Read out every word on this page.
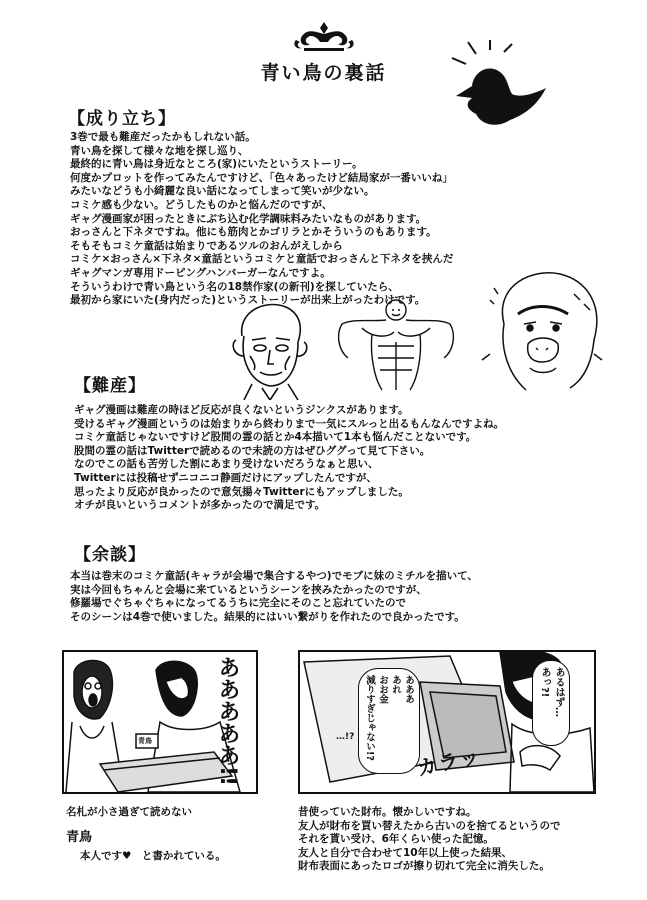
青い鳥の裏話
【成り立ち】
3巻で最も難産だったかもしれない話。
青い鳥を探して様々な地を探し巡り、
最終的に青い鳥は身近なところ(家)にいたというストーリー。
何度かプロットを作ってみたんですけど、「色々あったけど結局家が一番いいね」
みたいなどうも小綺麗な良い話になってしまって笑いが少ない。
コミケ感も少ない。どうしたものかと悩んだのですが、
ギャグ漫画家が困ったときにぶち込む化学調味料みたいなものがあります。
おっさんと下ネタですね。他にも筋肉とかゴリラとかそういうのもあります。
そもそもコミケ童話は始まりであるツルのおんがえしから
コミケ×おっさん×下ネタ×童話というコミケと童話でおっさんと下ネタを挟んだ
ギャグマンガ専用ドーピングハンバーガーなんですよ。
そういうわけで青い鳥という名の18禁作家(の新刊)を探していたら、
最初から家にいた(身内だった)というストーリーが出来上がったわけです。
【難産】
ギャグ漫画は難産の時ほど反応が良くないというジンクスがあります。
受けるギャグ漫画というのは始まりから終わりまで一気にスルっと出るもんなんですよね。
コミケ童話じゃないですけど股間の霊の話とか4本描いて1本も悩んだことないです。
股間の霊の話はTwitterで読めるので未読の方はぜひググって見て下さい。
なのでこの話も苦労した割にあまり受けないだろうなぁと思い、
Twitterには投稿せずニコニコ静画だけにアップしたんですが、
思ったより反応が良かったので意気揚々Twitterにもアップしました。
オチが良いというコメントが多かったので満足です。
【余談】
本当は巻末のコミケ童話(キャラが会場で集合するやつ)でモブに妹のミチルを描いて、
実は今回もちゃんと会場に来ているというシーンを挟みたかったのですが、
修羅場でぐちゃぐちゃになってるうちに完全にそのこと忘れていたので
そのシーンは4巻で使いました。結果的にはいい繋がりを作れたので良かったです。
青鳥	あああああ!!	あるはず…
あっ?!
あああ
あれ
おお金
減りすぎじゃない!?
…!?
カラッ
名札が小さ過ぎて読めない
青鳥
本人です♥　と書かれている。
昔使っていた財布。懐かしいですね。
友人が財布を買い替えたから古いのを捨てるというので
それを貰い受け、6年くらい使った記憶。
友人と自分で合わせて10年以上使った結果、
財布表面にあったロゴが擦り切れて完全に消失した。
